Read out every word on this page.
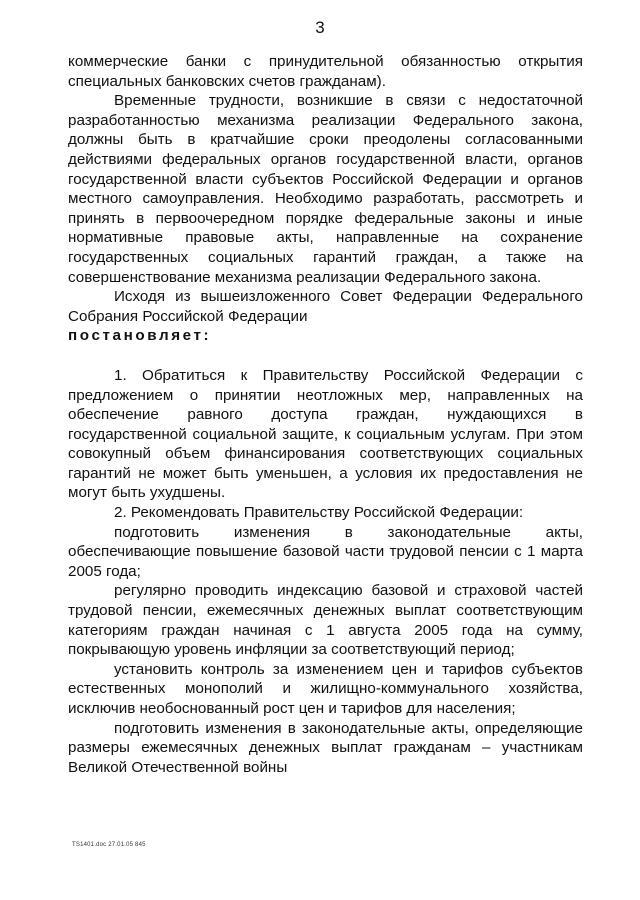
3

коммерческие банки с принудительной обязанностью открытия специальных банковских счетов гражданам).

Временные трудности, возникшие в связи с недостаточной разработанностью механизма реализации Федерального закона, должны быть в кратчайшие сроки преодолены согласованными действиями федеральных органов государственной власти, органов государственной власти субъектов Российской Федерации и органов местного самоуправления. Необходимо разработать, рассмотреть и принять в первоочередном порядке федеральные законы и иные нормативные правовые акты, направленные на сохранение государственных социальных гарантий граждан, а также на совершенствование механизма реализации Федерального закона.

Исходя из вышеизложенного Совет Федерации Федерального Собрания Российской Федерации

постановляет:

1. Обратиться к Правительству Российской Федерации с предложением о принятии неотложных мер, направленных на обеспечение равного доступа граждан, нуждающихся в государственной социальной защите, к социальным услугам. При этом совокупный объем финансирования соответствующих социальных гарантий не может быть уменьшен, а условия их предоставления не могут быть ухудшены.

2. Рекомендовать Правительству Российской Федерации:

подготовить изменения в законодательные акты, обеспечивающие повышение базовой части трудовой пенсии с 1 марта 2005 года;

регулярно проводить индексацию базовой и страховой частей трудовой пенсии, ежемесячных денежных выплат соответствующим категориям граждан начиная с 1 августа 2005 года на сумму, покрывающую уровень инфляции за соответствующий период;

установить контроль за изменением цен и тарифов субъектов естественных монополий и жилищно-коммунального хозяйства, исключив необоснованный рост цен и тарифов для населения;

подготовить изменения в законодательные акты, определяющие размеры ежемесячных денежных выплат гражданам – участникам Великой Отечественной войны

TS1401.doc 27.01.05 845
